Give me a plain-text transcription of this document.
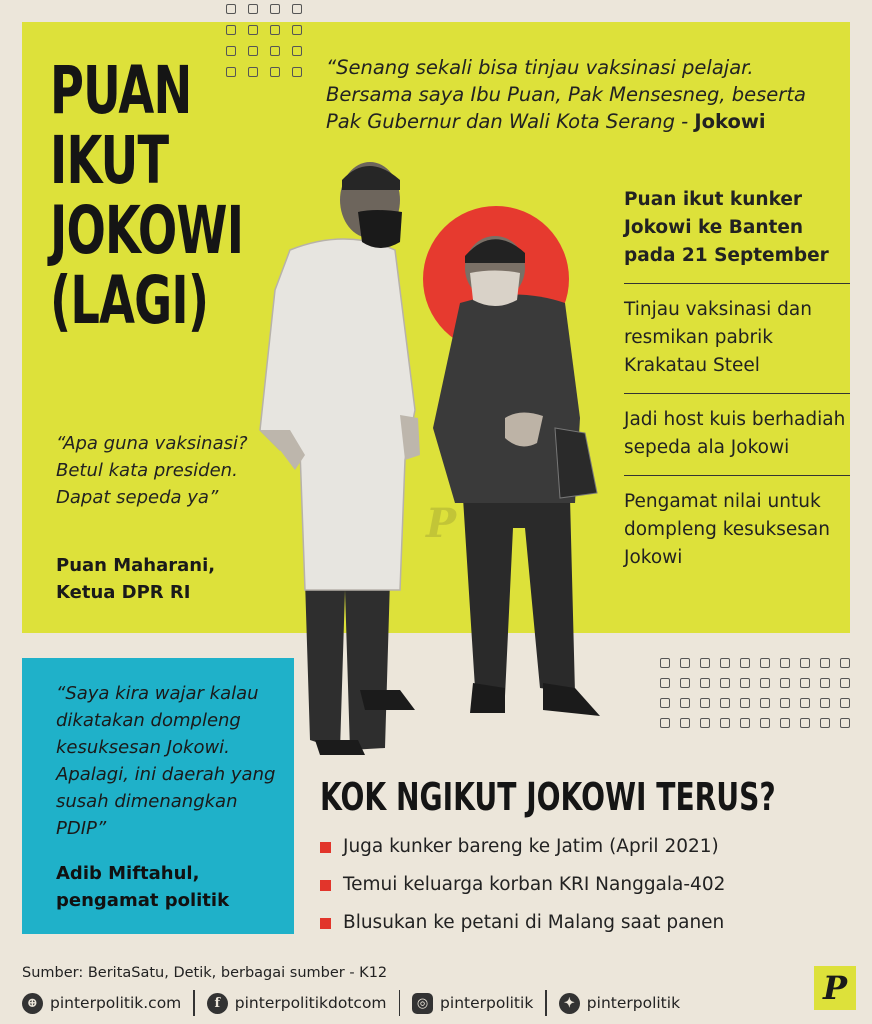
PUAN
IKUT
JOKOWI
(LAGI)

“Senang sekali bisa tinjau vaksinasi pelajar. Bersama saya Ibu Puan, Pak Mensesneg, beserta Pak Gubernur dan Wali Kota Serang - Jokowi

P

“Apa guna vaksinasi? Betul kata presiden. Dapat sepeda ya”

Puan Maharani,
Ketua DPR RI
Puan ikut kunker Jokowi ke Banten pada 21 September
Tinjau vaksinasi dan resmikan pabrik Krakatau Steel
Jadi host kuis berhadiah sepeda ala Jokowi
Pengamat nilai untuk dompleng kesuksesan Jokowi

“Saya kira wajar kalau dikatakan dompleng kesuksesan Jokowi. Apalagi, ini daerah yang susah dimenangkan PDIP”

Adib Miftahul,
pengamat politik
KOK NGIKUT JOKOWI TERUS?
Juga kunker bareng ke Jatim (April 2021)
Temui keluarga korban KRI Nanggala-402
Blusukan ke petani di Malang saat panen
Sumber: BeritaSatu, Detik, berbagai sumber - K12
⊕ pinterpolitik.com	f pinterpolitikdotcom	◎ pinterpolitik	✦ pinterpolitik	P
